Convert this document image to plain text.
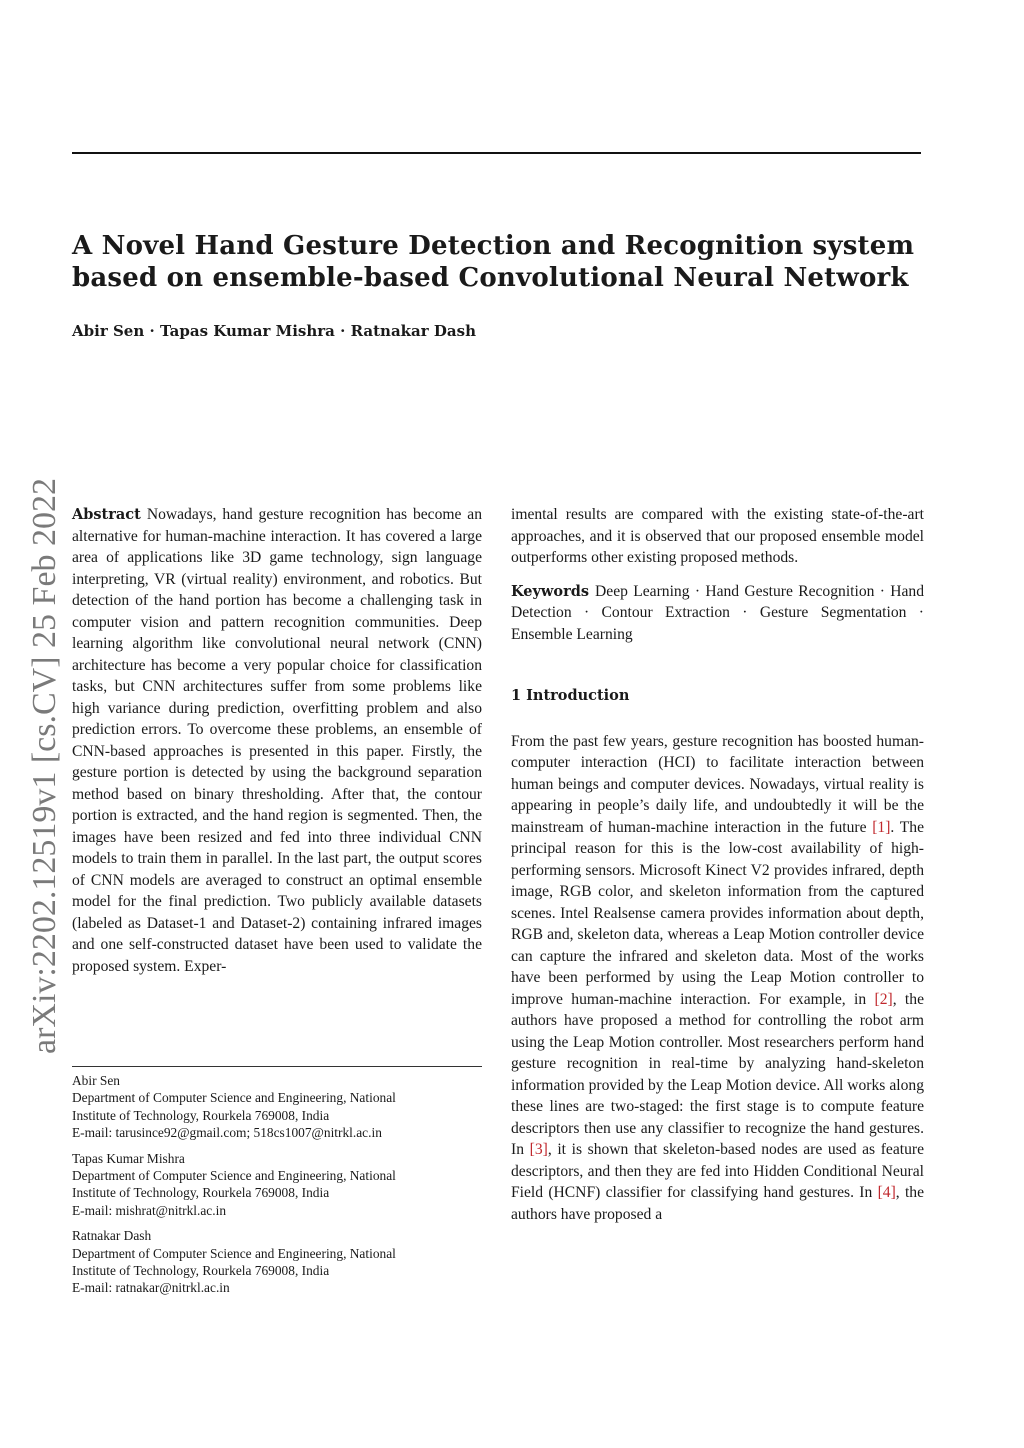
A Novel Hand Gesture Detection and Recognition system
based on ensemble-based Convolutional Neural Network
Abir Sen · Tapas Kumar Mishra · Ratnakar Dash
arXiv:2202.12519v1 [cs.CV] 25 Feb 2022 Abstract Nowadays, hand gesture recognition has become an alternative for human-machine interaction. It has covered a large area of applications like 3D game technology, sign language interpreting, VR (virtual reality) environment, and robotics. But detection of the hand portion has become a challenging task in computer vision and pattern recognition communities. Deep learning algorithm like convolutional neural network (CNN) architecture has become a very popular choice for classification tasks, but CNN architectures suffer from some problems like high variance during prediction, overfitting problem and also prediction errors. To overcome these problems, an ensemble of CNN-based approaches is presented in this paper. Firstly, the gesture portion is detected by using the background separation method based on binary thresholding. After that, the contour portion is extracted, and the hand region is segmented. Then, the images have been resized and fed into three individual CNN models to train them in parallel. In the last part, the output scores of CNN models are averaged to construct an optimal ensemble model for the final prediction. Two publicly available datasets (labeled as Dataset-1 and Dataset-2) containing infrared images and one self-constructed dataset have been used to validate the proposed system. Exper-

imental results are compared with the existing state-of-the-art approaches, and it is observed that our proposed ensemble model outperforms other existing proposed methods.

Keywords Deep Learning · Hand Gesture Recognition · Hand Detection · Contour Extraction · Gesture Segmentation · Ensemble Learning

1 Introduction

From the past few years, gesture recognition has boosted human-computer interaction (HCI) to facilitate interaction between human beings and computer devices. Nowadays, virtual reality is appearing in people’s daily life, and undoubtedly it will be the mainstream of human-machine interaction in the future [1]. The principal reason for this is the low-cost availability of high-performing sensors. Microsoft Kinect V2 provides infrared, depth image, RGB color, and skeleton information from the captured scenes. Intel Realsense camera provides information about depth, RGB and, skeleton data, whereas a Leap Motion controller device can capture the infrared and skeleton data. Most of the works have been performed by using the Leap Motion controller to improve human-machine interaction. For example, in [2], the authors have proposed a method for controlling the robot arm using the Leap Motion controller. Most researchers perform hand gesture recognition in real-time by analyzing hand-skeleton information provided by the Leap Motion device. All works along these lines are two-staged: the first stage is to compute feature descriptors then use any classifier to recognize the hand gestures. In [3], it is shown that skeleton-based nodes are used as feature descriptors, and then they are fed into Hidden Conditional Neural Field (HCNF) classifier for classifying hand gestures. In [4], the authors have proposed a

Abir Sen
Department of Computer Science and Engineering, National
Institute of Technology, Rourkela 769008, India
E-mail: tarusince92@gmail.com; 518cs1007@nitrkl.ac.in
Tapas Kumar Mishra
Department of Computer Science and Engineering, National
Institute of Technology, Rourkela 769008, India
E-mail: mishrat@nitrkl.ac.in
Ratnakar Dash
Department of Computer Science and Engineering, National
Institute of Technology, Rourkela 769008, India
E-mail: ratnakar@nitrkl.ac.in
